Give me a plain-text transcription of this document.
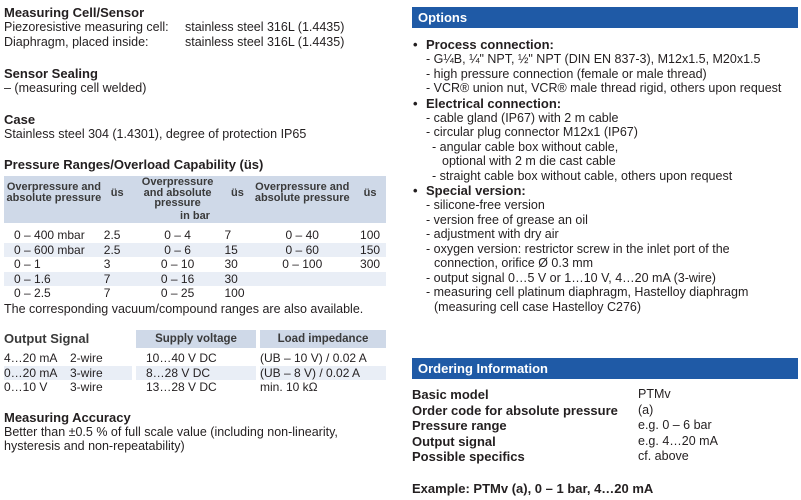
Measuring Cell/Sensor
Piezoresistive measuring cell:	stainless steel 316L (1.4435)
Diaphragm, placed inside:	stainless steel 316L (1.4435)
Sensor Sealing
– (measuring cell welded)
Case
Stainless steel 304 (1.4301), degree of protection IP65
Pressure Ranges/Overload Capability (üs)
Overpressure and absolute pressure	üs	Overpressure and absolute pressure	üs	Overpressure and absolute pressure	üs
in bar					
0 – 400 mbar	2.5	0 – 4	7	0 – 40	100
0 – 600 mbar	2.5	0 – 6	15	0 – 60	150
0 – 1	3	0 – 10	30	0 – 100	300
0 – 1.6	7	0 – 16	30		
0 – 2.5	7	0 – 25	100		
The corresponding vacuum/compound ranges are also available.
Output Signal			Supply voltage		Load impedance
4…20 mA	2-wire		10…40 V DC		(UB – 10 V) / 0.02 A
0…20 mA	3-wire		8…28 V DC		(UB – 8 V) / 0.02 A
0…10 V	3-wire		13…28 V DC		min. 10 kΩ
Measuring Accuracy
Better than ±0.5 % of full scale value (including non-linearity, hysteresis and non-repeatability)
Options
• Process connection:
- G¼B, ¼" NPT, ½" NPT (DIN EN 837-3), M12x1.5, M20x1.5
- high pressure connection (female or male thread)
- VCR® union nut, VCR® male thread rigid, others upon request
• Electrical connection:
- cable gland (IP67) with 2 m cable
- circular plug connector M12x1 (IP67)
- angular cable box without cable,
optional with 2 m die cast cable
- straight cable box without cable, others upon request
• Special version:
- silicone-free version
- version free of grease an oil
- adjustment with dry air
- oxygen version: restrictor screw in the inlet port of the
connection, orifice Ø 0.3 mm
- output signal 0…5 V or 1…10 V, 4…20 mA (3-wire)
- measuring cell platinum diaphragm, Hastelloy diaphragm
(measuring cell case Hastelloy C276)
Ordering Information
Basic model	PTMv
Order code for absolute pressure	(a)
Pressure range	e.g. 0 – 6 bar
Output signal	e.g. 4…20 mA
Possible specifics	cf. above
Example: PTMv (a), 0 – 1 bar, 4…20 mA
